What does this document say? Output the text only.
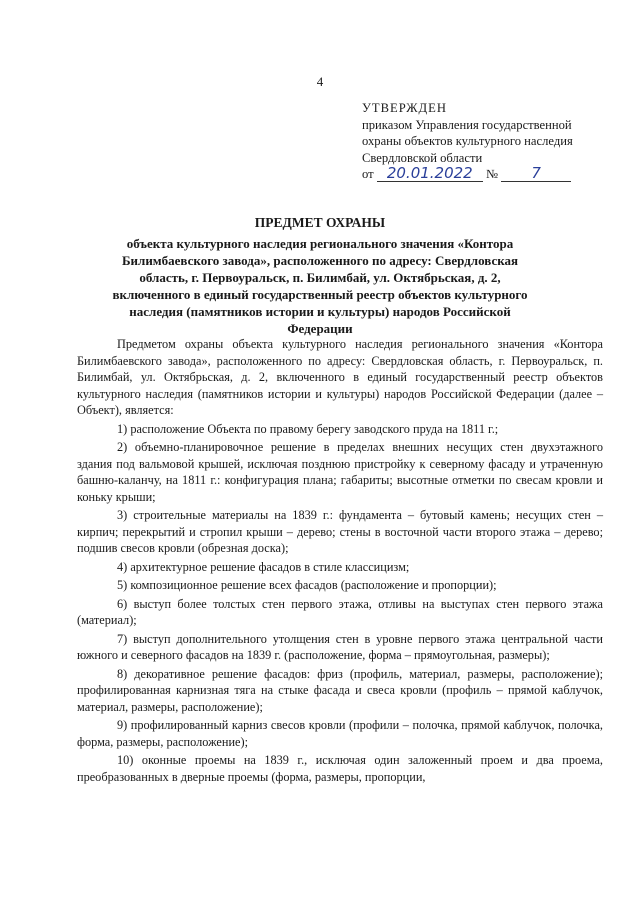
4
УТВЕРЖДЕН
приказом Управления государственной
охраны объектов культурного наследия
Свердловской области
от 20.01.2022 № 7
ПРЕДМЕТ ОХРАНЫ
объекта культурного наследия регионального значения «Контора Билимбаевского завода», расположенного по адресу: Свердловская область, г. Первоуральск, п. Билимбай, ул. Октябрьская, д. 2, включенного в единый государственный реестр объектов культурного наследия (памятников истории и культуры) народов Российской Федерации

Предметом охраны объекта культурного наследия регионального значения «Контора Билимбаевского завода», расположенного по адресу: Свердловская область, г. Первоуральск, п. Билимбай, ул. Октябрьская, д. 2, включенного в единый государственный реестр объектов культурного наследия (памятников истории и культуры) народов Российской Федерации (далее – Объект), является:

1) расположение Объекта по правому берегу заводского пруда на 1811 г.;

2) объемно-планировочное решение в пределах внешних несущих стен двухэтажного здания под вальмовой крышей, исключая позднюю пристройку к северному фасаду и утраченную башню-каланчу, на 1811 г.: конфигурация плана; габариты; высотные отметки по свесам кровли и коньку крыши;

3) строительные материалы на 1839 г.: фундамента – бутовый камень; несущих стен – кирпич; перекрытий и стропил крыши – дерево; стены в восточной части второго этажа – дерево; подшив свесов кровли (обрезная доска);

4) архитектурное решение фасадов в стиле классицизм;

5) композиционное решение всех фасадов (расположение и пропорции);

6) выступ более толстых стен первого этажа, отливы на выступах стен первого этажа (материал);

7) выступ дополнительного утолщения стен в уровне первого этажа центральной части южного и северного фасадов на 1839 г. (расположение, форма – прямоугольная, размеры);

8) декоративное решение фасадов: фриз (профиль, материал, размеры, расположение); профилированная карнизная тяга на стыке фасада и свеса кровли (профиль – прямой каблучок, материал, размеры, расположение);

9) профилированный карниз свесов кровли (профили – полочка, прямой каблучок, полочка, форма, размеры, расположение);

10) оконные проемы на 1839 г., исключая один заложенный проем и два проема, преобразованных в дверные проемы (форма, размеры, пропорции,
